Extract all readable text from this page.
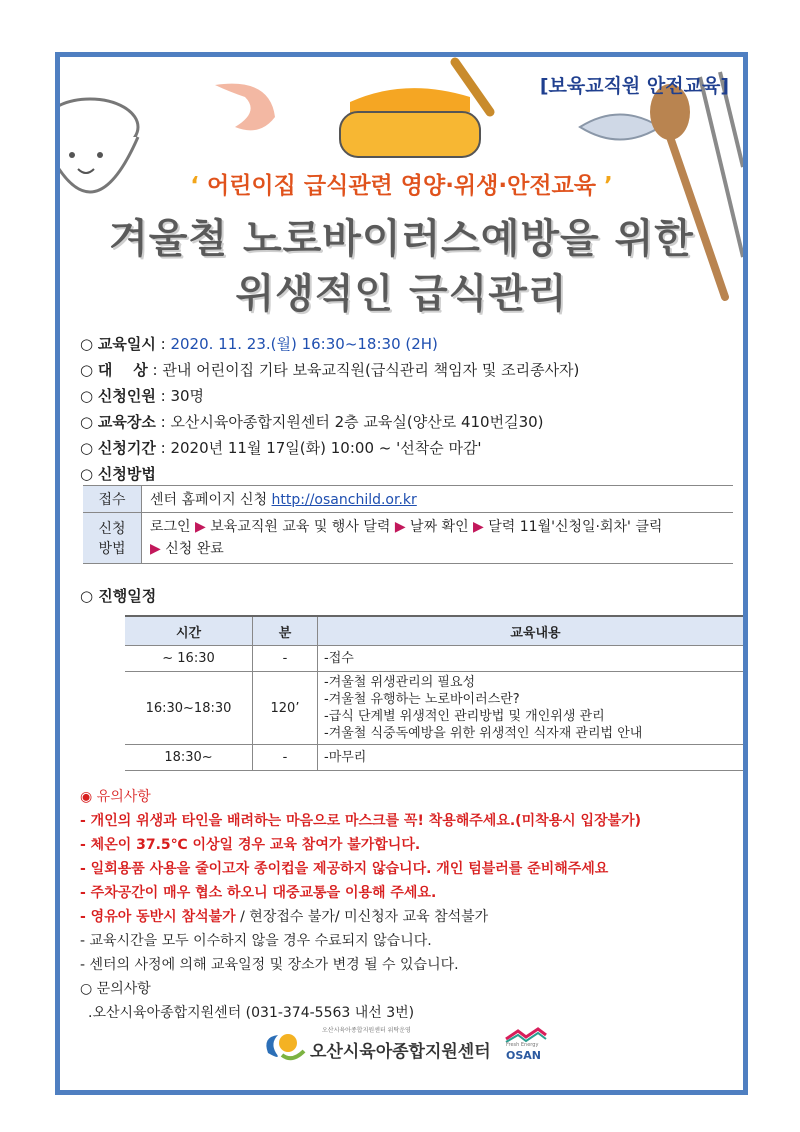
[보육교직원 안전교육]
‘ 어린이집 급식관련 영양·위생·안전교육 ’
겨울철 노로바이러스예방을 위한
위생적인 급식관리
○ 교육일시 : 2020. 11. 23.(월) 16:30~18:30 (2H)
○ 대    상 : 관내 어린이집 기타 보육교직원(급식관리 책임자 및 조리종사자)
○ 신청인원 : 30명
○ 교육장소 : 오산시육아종합지원센터 2층 교육실(양산로 410번길30)
○ 신청기간 : 2020년 11월 17일(화) 10:00 ~ '선착순 마감'
○ 신청방법
접수	센터 홈페이지 신청 http://osanchild.or.kr
신청
방법	로그인 ▶ 보육교직원 교육 및 행사 달력 ▶ 날짜 확인 ▶ 달력 11월'신청일·회차' 클릭
▶ 신청 완료
○ 진행일정
시간	분	교육내용
~ 16:30	-	-접수
16:30~18:30	120’	-겨울철 위생관리의 필요성
-겨울철 유행하는 노로바이러스란?
-급식 단계별 위생적인 관리방법 및 개인위생 관리
-겨울철 식중독예방을 위한 위생적인 식자재 관리법 안내

18:30~	-	-마무리
◉ 유의사항
- 개인의 위생과 타인을 배려하는 마음으로 마스크를 꼭! 착용해주세요.(미착용시 입장불가)
- 체온이 37.5℃ 이상일 경우 교육 참여가 불가합니다.
- 일회용품 사용을 줄이고자 종이컵을 제공하지 않습니다. 개인 텀블러를 준비해주세요
- 주차공간이 매우 협소 하오니 대중교통을 이용해 주세요.
- 영유아 동반시 참석불가 / 현장접수 불가/ 미신청자 교육 참석불가
- 교육시간을 모두 이수하지 않을 경우 수료되지 않습니다.
- 센터의 사정에 의해 교육일정 및 장소가 변경 될 수 있습니다.
○ 문의사항
.오산시육아종합지원센터 (031-374-5563 내선 3번)
오산시육아종합지원센터 위탁운영
오산시육아종합지원센터	Fresh Energy
OSAN
